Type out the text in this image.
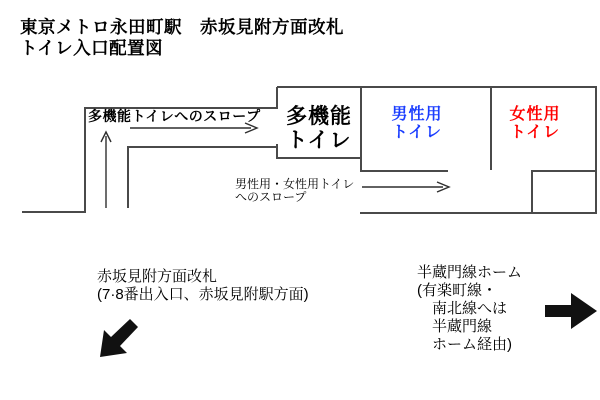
東京メトロ永田町駅　赤坂見附方面改札
トイレ入口配置図
多機能トイレへのスロープ	多機能
トイレ
男性用
トイレ
女性用
トイレ
男性用・女性用トイレ
へのスロープ
赤坂見附方面改札
(7·8番出入口、赤坂見附駅方面)
半蔵門線ホーム
(有楽町線・
　南北線へは
　半蔵門線
　ホーム経由)
